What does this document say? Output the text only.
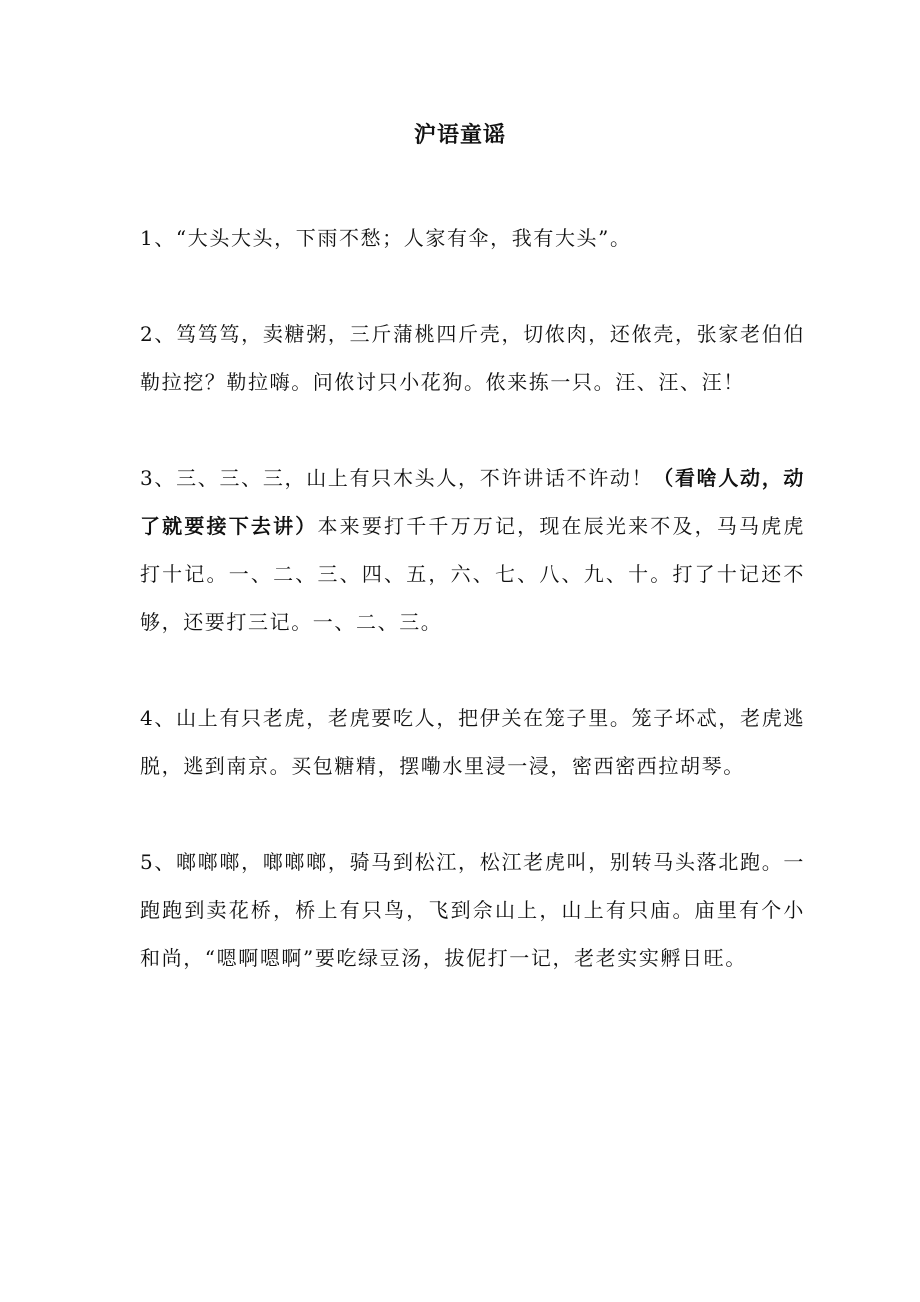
沪语童谣

1、“大头大头，下雨不愁；人家有伞，我有大头”。

2、笃笃笃，卖糖粥，三斤蒲桃四斤壳，切侬肉，还侬壳，张家老伯伯勒拉挖？勒拉嗨。问侬讨只小花狗。侬来拣一只。汪、汪、汪！

3、三、三、三，山上有只木头人，不许讲话不许动！（看啥人动，动了就要接下去讲）本来要打千千万万记，现在辰光来不及，马马虎虎打十记。一、二、三、四、五，六、七、八、九、十。打了十记还不够，还要打三记。一、二、三。

4、山上有只老虎，老虎要吃人，把伊关在笼子里。笼子坏忒，老虎逃脱，逃到南京。买包糖精，摆嘞水里浸一浸，密西密西拉胡琴。

5、啷啷啷，啷啷啷，骑马到松江，松江老虎叫，别转马头落北跑。一跑跑到卖花桥，桥上有只鸟，飞到佘山上，山上有只庙。庙里有个小和尚，“嗯啊嗯啊”要吃绿豆汤，拔伲打一记，老老实实孵日旺。
